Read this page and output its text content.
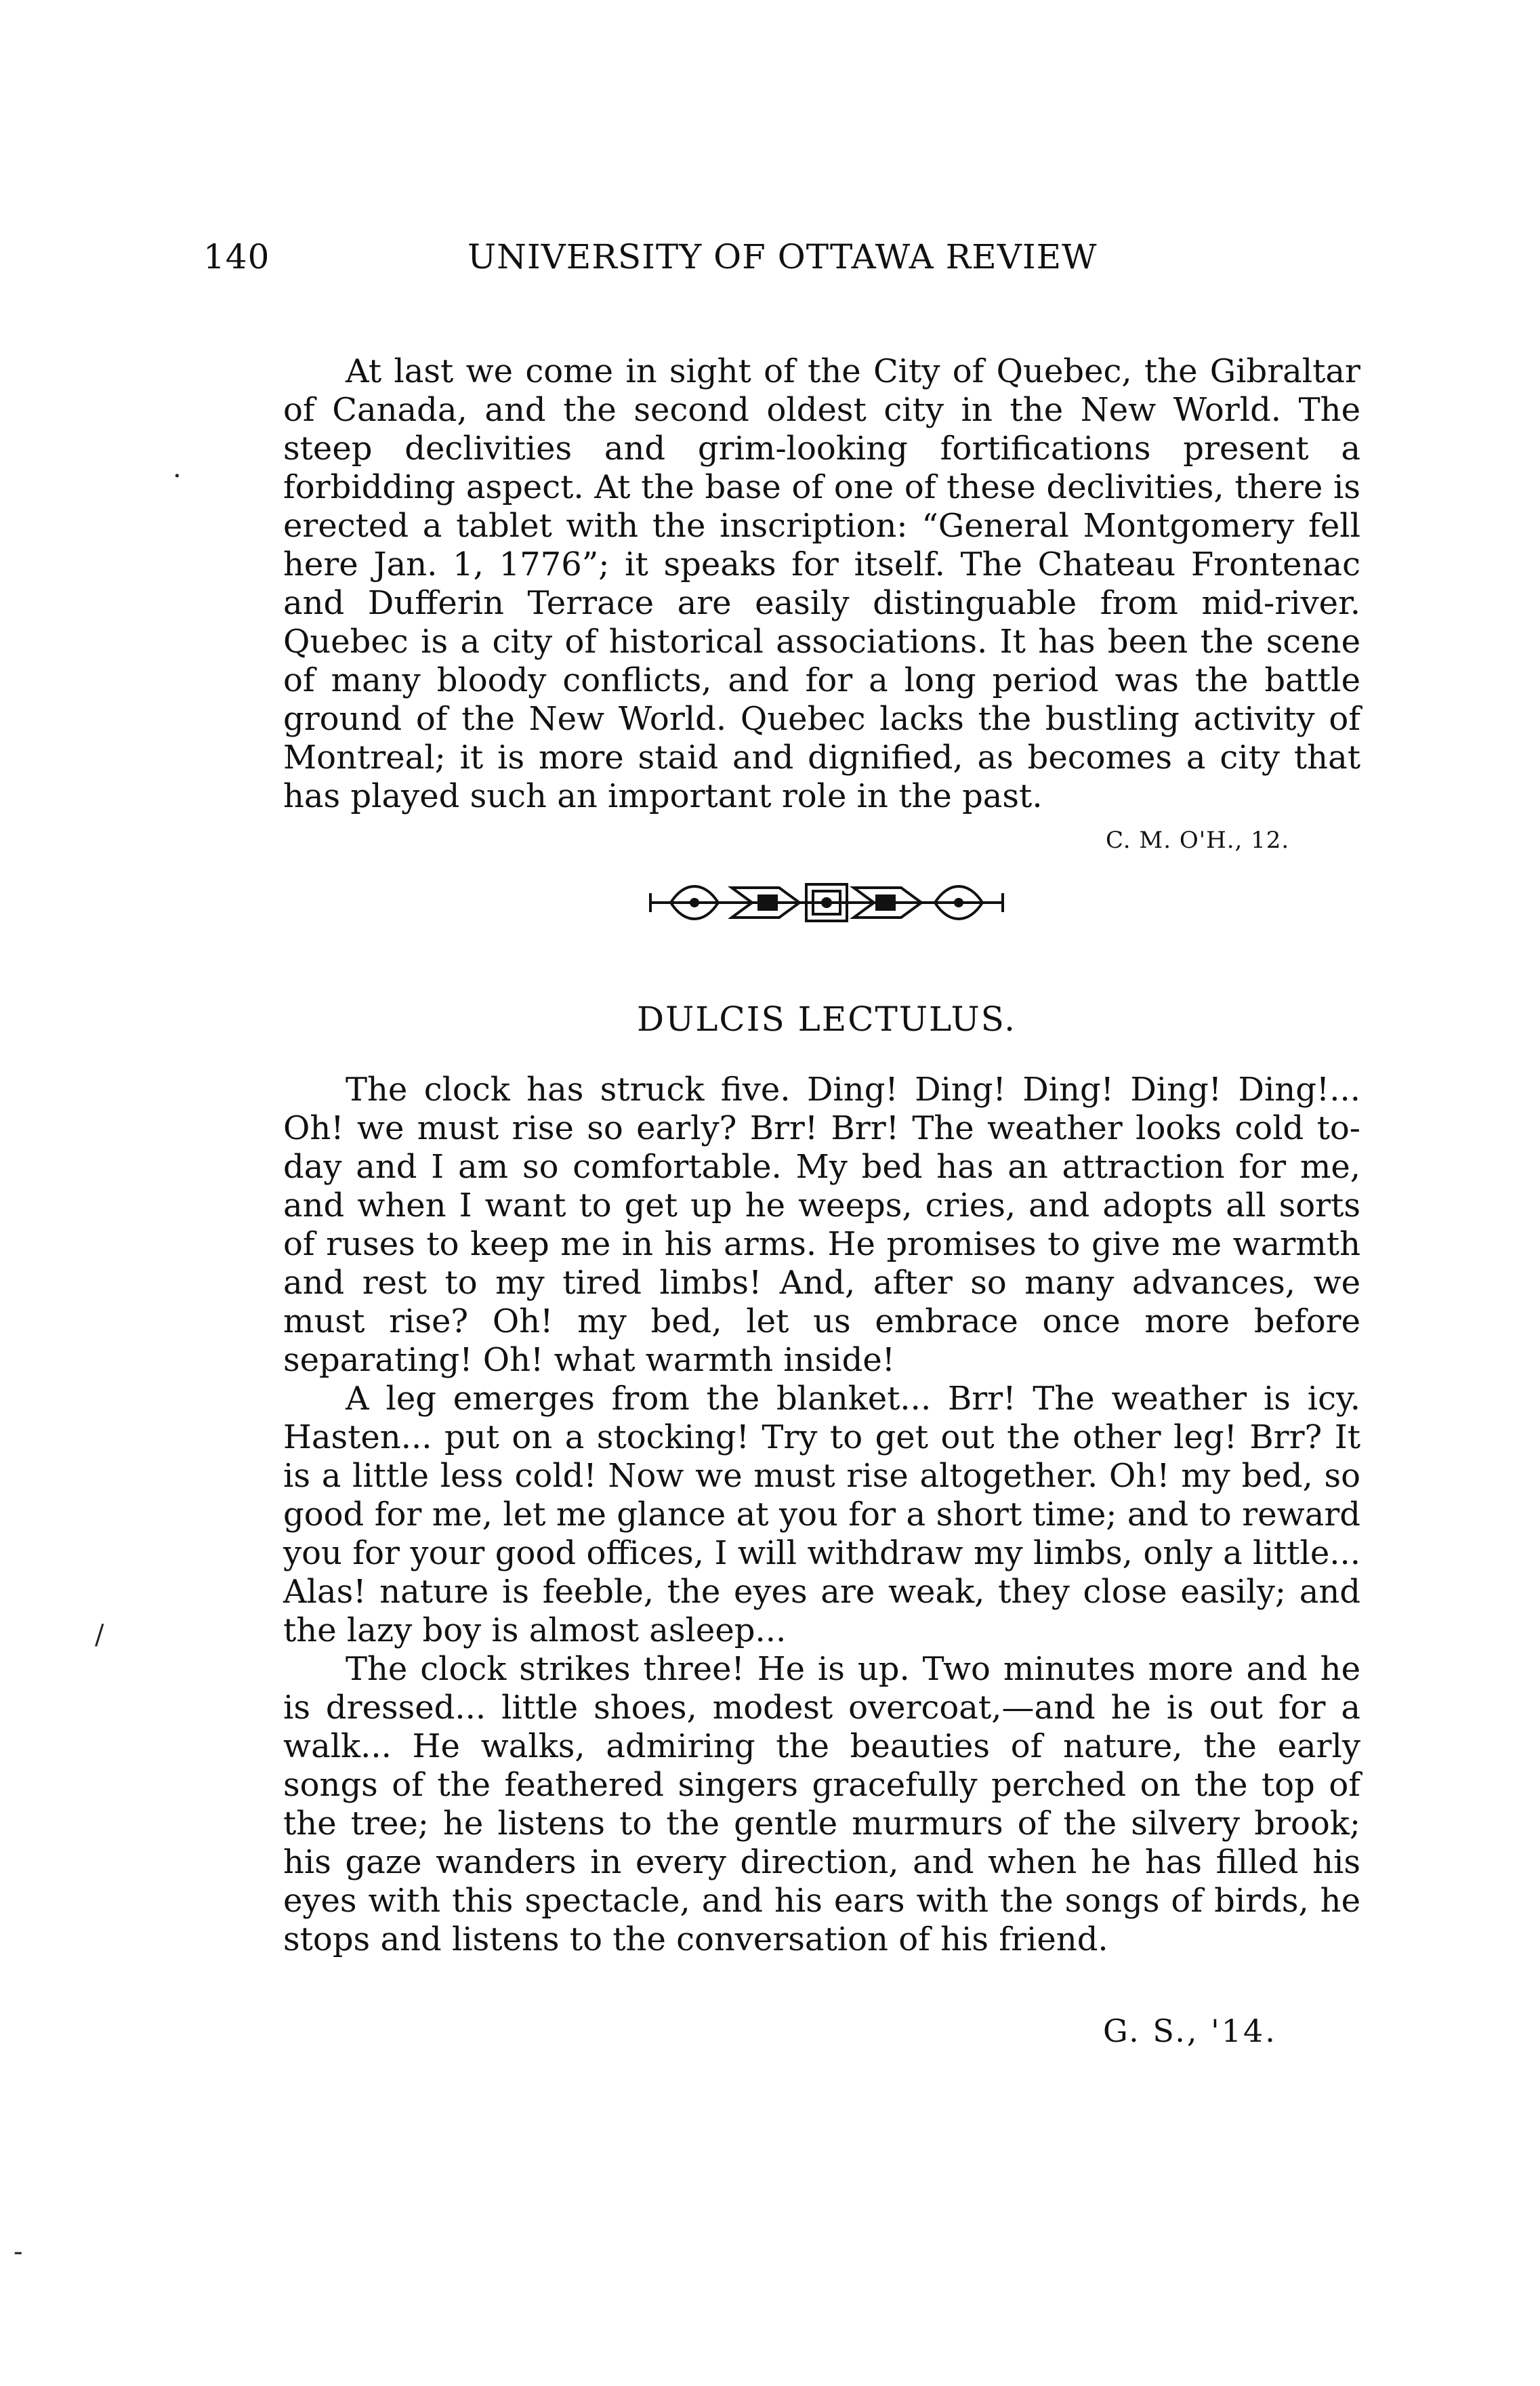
140	UNIVERSITY OF OTTAWA REVIEW

At last we come in sight of the City of Quebec, the Gibraltar of Canada, and the second oldest city in the New World. The steep declivities and grim-looking fortifications present a forbidding aspect. At the base of one of these declivities, there is erected a tablet with the inscription: “General Montgomery fell here Jan. 1, 1776”; it speaks for itself. The Chateau Frontenac and Dufferin Terrace are easily distinguable from mid-river. Quebec is a city of historical associations. It has been the scene of many bloody conflicts, and for a long period was the battle ground of the New World. Quebec lacks the bustling activity of Montreal; it is more staid and dignified, as becomes a city that has played such an important role in the past.

C. M. O'H., 12.
DULCIS LECTULUS.

The clock has struck five. Ding! Ding! Ding! Ding! Ding!... Oh! we must rise so early? Brr! Brr! The weather looks cold to-day and I am so comfortable. My bed has an attraction for me, and when I want to get up he weeps, cries, and adopts all sorts of ruses to keep me in his arms. He promises to give me warmth and rest to my tired limbs! And, after so many advances, we must rise? Oh! my bed, let us embrace once more before separating! Oh! what warmth inside!

A leg emerges from the blanket... Brr! The weather is icy. Hasten... put on a stocking! Try to get out the other leg! Brr? It is a little less cold! Now we must rise altogether. Oh! my bed, so good for me, let me glance at you for a short time; and to reward you for your good offices, I will withdraw my limbs, only a little... Alas! nature is feeble, the eyes are weak, they close easily; and the lazy boy is almost asleep...

The clock strikes three! He is up. Two minutes more and he is dressed... little shoes, modest overcoat,—and he is out for a walk... He walks, admiring the beauties of nature, the early songs of the feathered singers gracefully perched on the top of the tree; he listens to the gentle murmurs of the silvery brook; his gaze wanders in every direction, and when he has filled his eyes with this spectacle, and his ears with the songs of birds, he stops and listens to the conversation of his friend.

G. S., '14.
·
/
-
